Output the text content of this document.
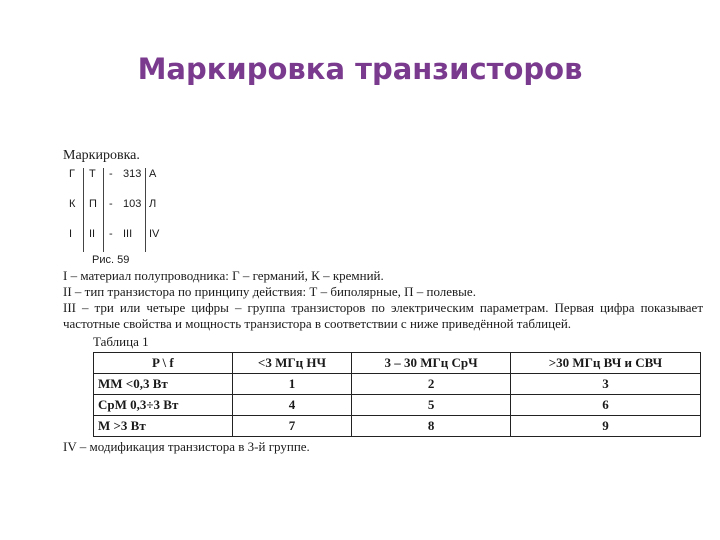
Маркировка транзисторов

Маркировка.

Г Т - 313 А
К П - 103 Л
I II - III IV
Рис. 59

I – материал полупроводника: Г – германий, К – кремний.

II – тип транзистора по принципу действия: Т – биполярные, П – полевые.

III – три или четыре цифры – группа транзисторов по электрическим параметрам. Первая цифра показывает частотные свойства и мощность транзистора в соответствии с ниже приведённой таблицей.

Таблица 1

P \ f	<3 МГц НЧ	3 – 30 МГц СрЧ	>30 МГц ВЧ и СВЧ
ММ <0,3 Вт	1	2	3
СрМ 0,3÷3 Вт	4	5	6
М >3 Вт	7	8	9

IV – модификация транзистора в 3-й группе.
